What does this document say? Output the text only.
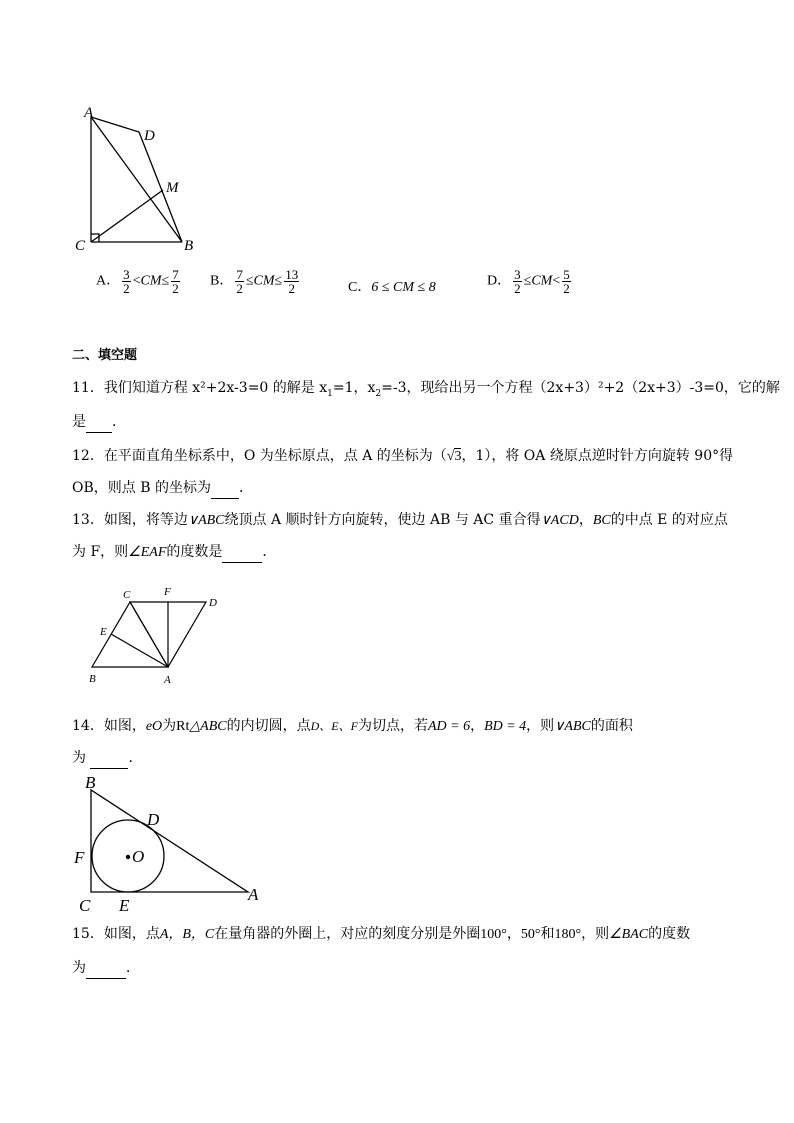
A
D
M
C	B
A． $\frac{3}{2} <CM\le \frac{7}{2}$ B． $\frac{7}{2} \le CM\le \frac{13}{2}$	C．6 ≤ CM ≤ 8	D． $\frac{3}{2} \le CM< \frac{5}{2}$
二、填空题
11．我们知道方程 x²+2x-3=0 的解是 $x_1=1$，$x_2=-3$，现给出另一个方程（2x+3）²+2（2x+3）-3=0，它的解
是 ．
12．在平面直角坐标系中，O 为坐标原点，点 A 的坐标为（√3，1），将 OA 绕原点逆时针方向旋转 90°得
OB，则点 B 的坐标为 ．
13．如图，将等边∨ABC绕顶点 A 顺时针方向旋转，使边 AB 与 AC 重合得∨ACD，BC的中点 E 的对应点
为 F，则∠EAF的度数是	．
C	F
D
E
B	A
14．如图，eO为Rt△ABC的内切圆，点D、E、F为切点，若AD = 6，BD = 4，则∨ABC的面积
为	．
B
D
F	O
C E
A
15．如图，点A，B，C在量角器的外圈上，对应的刻度分别是外圈100°，50°和180°，则∠BAC的度数
为	．
